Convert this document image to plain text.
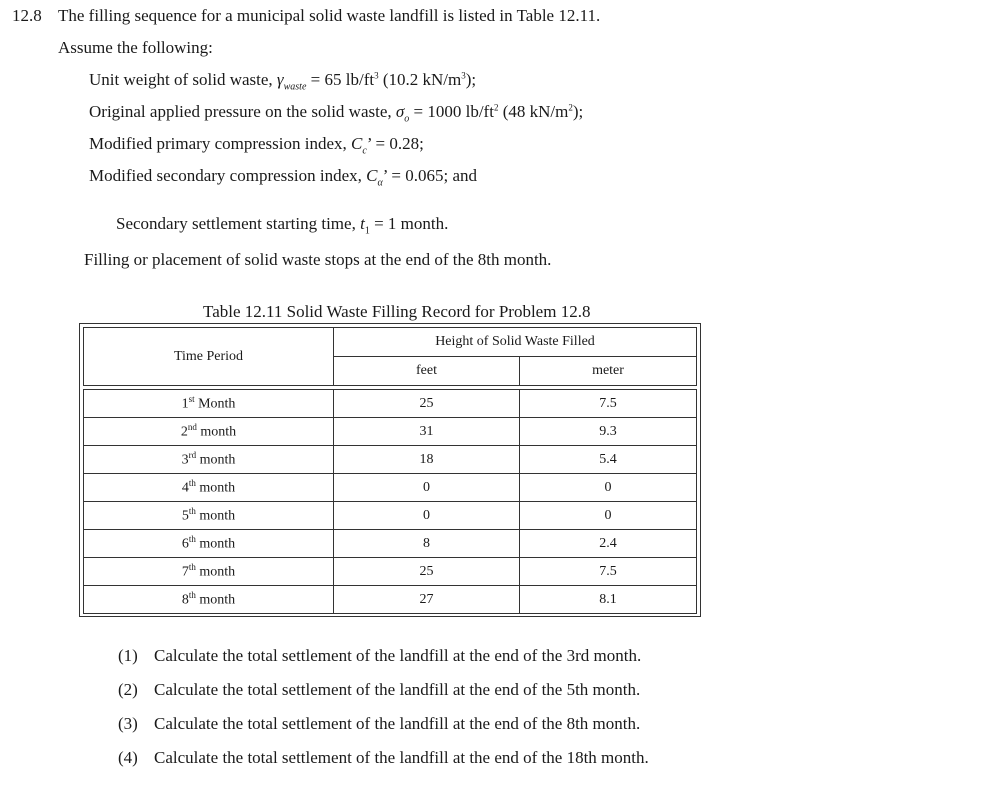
12.8 The filling sequence for a municipal solid waste landfill is listed in Table 12.11.
Assume the following:
Unit weight of solid waste, $\gamma_{waste} = 65$ $lb/ft^3$ (10.2 $kN/m^3$);
Original applied pressure on the solid waste, $\sigma_o = 1000$ $lb/ft^2$ (48 $kN/m^2$);
Modified primary compression index, $C_c$’ = 0.28;
Modified secondary compression index, $C_\alpha$’ = 0.065; and
Secondary settlement starting time, $t_1 = 1$ month.
Filling or placement of solid waste stops at the end of the 8th month.
Table 12.11 Solid Waste Filling Record for Problem 12.8
Time Period	Height of Solid Waste Filled	
	feet	meter

1st Month	25	7.5
2nd month	31	9.3
3rd month	18	5.4
4th month	0	0
5th month	0	0
6th month	8	2.4
7th month	25	7.5
8th month	27	8.1
(1) Calculate the total settlement of the landfill at the end of the 3rd month.
(2) Calculate the total settlement of the landfill at the end of the 5th month.
(3) Calculate the total settlement of the landfill at the end of the 8th month.
(4) Calculate the total settlement of the landfill at the end of the 18th month.
